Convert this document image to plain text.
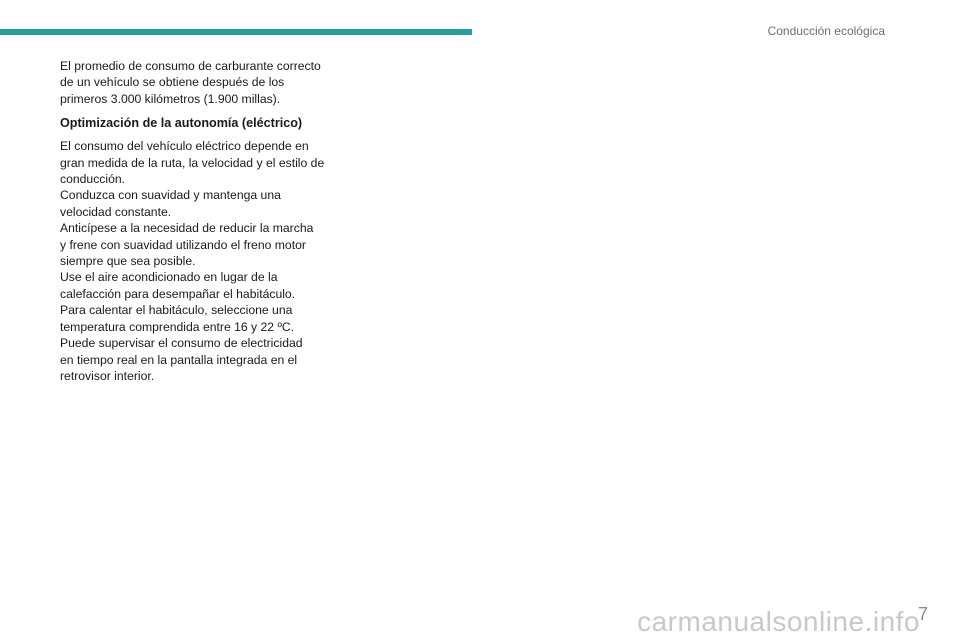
Conducción ecológica

El promedio de consumo de carburante correcto
de un vehículo se obtiene después de los
primeros 3.000 kilómetros (1.900 millas).

Optimización de la autonomía (eléctrico)

El consumo del vehículo eléctrico depende en
gran medida de la ruta, la velocidad y el estilo de
conducción.
Conduzca con suavidad y mantenga una
velocidad constante.
Anticípese a la necesidad de reducir la marcha
y frene con suavidad utilizando el freno motor
siempre que sea posible.
Use el aire acondicionado en lugar de la
calefacción para desempañar el habitáculo.
Para calentar el habitáculo, seleccione una
temperatura comprendida entre 16 y 22 ºC.
Puede supervisar el consumo de electricidad
en tiempo real en la pantalla integrada en el
retrovisor interior.

7
carmanualsonline.info
